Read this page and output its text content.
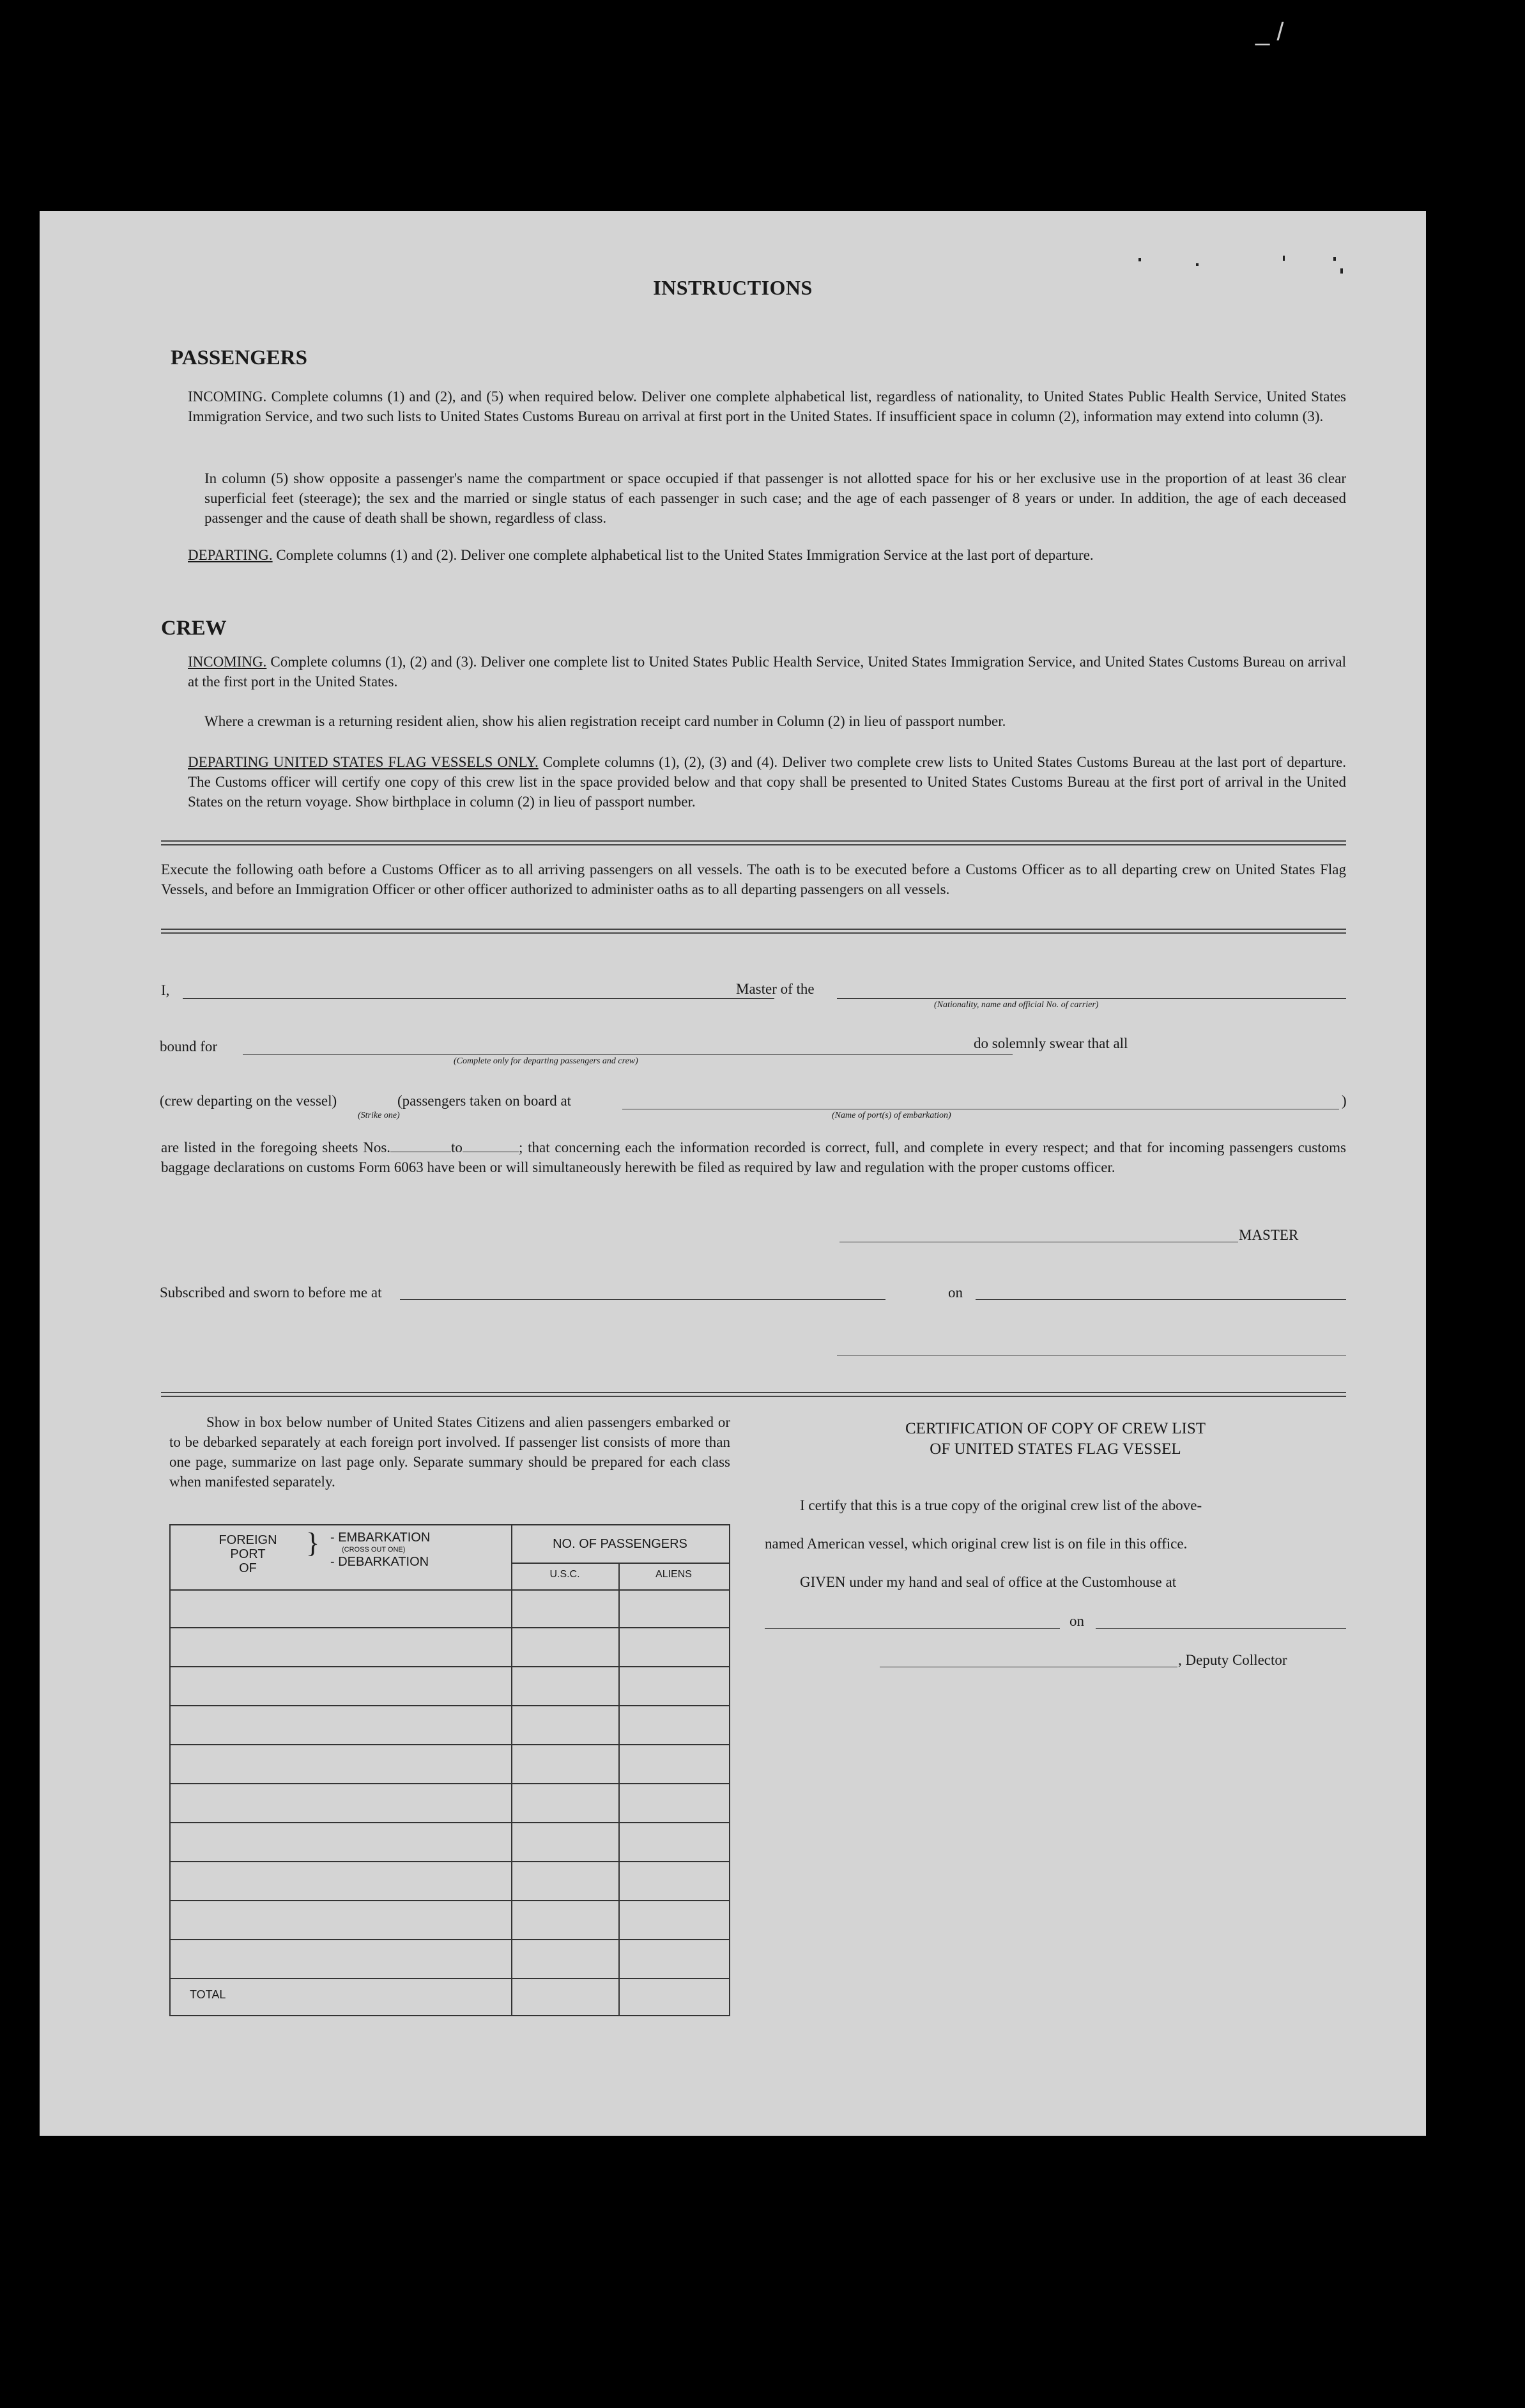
_ /
INSTRUCTIONS
PASSENGERS
INCOMING. Complete columns (1) and (2), and (5) when required below. Deliver one complete alphabetical list, regardless of nationality, to United States Public Health Service, United States Immigration Service, and two such lists to United States Customs Bureau on arrival at first port in the United States. If insufficient space in column (2), information may extend into column (3).
In column (5) show opposite a passenger's name the compartment or space occupied if that passenger is not allotted space for his or her exclusive use in the proportion of at least 36 clear superficial feet (steerage); the sex and the married or single status of each passenger in such case; and the age of each passenger of 8 years or under. In addition, the age of each deceased passenger and the cause of death shall be shown, regardless of class.
DEPARTING. Complete columns (1) and (2). Deliver one complete alphabetical list to the United States Immigration Service at the last port of departure.
CREW
INCOMING. Complete columns (1), (2) and (3). Deliver one complete list to United States Public Health Service, United States Immigration Service, and United States Customs Bureau on arrival at the first port in the United States.
Where a crewman is a returning resident alien, show his alien registration receipt card number in Column (2) in lieu of passport number.
DEPARTING UNITED STATES FLAG VESSELS ONLY. Complete columns (1), (2), (3) and (4). Deliver two complete crew lists to United States Customs Bureau at the last port of departure. The Customs officer will certify one copy of this crew list in the space provided below and that copy shall be presented to United States Customs Bureau at the first port of arrival in the United States on the return voyage. Show birthplace in column (2) in lieu of passport number.
Execute the following oath before a Customs Officer as to all arriving passengers on all vessels. The oath is to be executed before a Customs Officer as to all departing crew on United States Flag Vessels, and before an Immigration Officer or other officer authorized to administer oaths as to all departing passengers on all vessels.
I,	Master of the
(Nationality, name and official No. of carrier)
bound for	do solemnly swear that all
(Complete only for departing passengers and crew)
(crew departing on the vessel)	(passengers taken on board at	)
(Strike one)	(Name of port(s) of embarkation)
are listed in the foregoing sheets Nos.	to	; that concerning each the information recorded is correct, full, and complete in every respect; and that for incoming passengers customs baggage declarations on customs Form 6063 have been or will simultaneously herewith be filed as required by law and regulation with the proper customs officer.
MASTER
Subscribed and sworn to before me at	on
Show in box below number of United States Citizens and alien passengers embarked or to be debarked separately at each foreign port involved. If passenger list consists of more than one page, summarize on last page only. Separate summary should be prepared for each class when manifested separately.
FOREIGN
PORT
OF
} - EMBARKATION
(CROSS OUT ONE)
- DEBARKATION
NO. OF PASSENGERS
U.S.C.	ALIENS
TOTAL
CERTIFICATION OF COPY OF CREW LIST
OF UNITED STATES FLAG VESSEL
I certify that this is a true copy of the original crew list of the above-
named American vessel, which original crew list is on file in this office.
GIVEN under my hand and seal of office at the Customhouse at
on
, Deputy Collector
